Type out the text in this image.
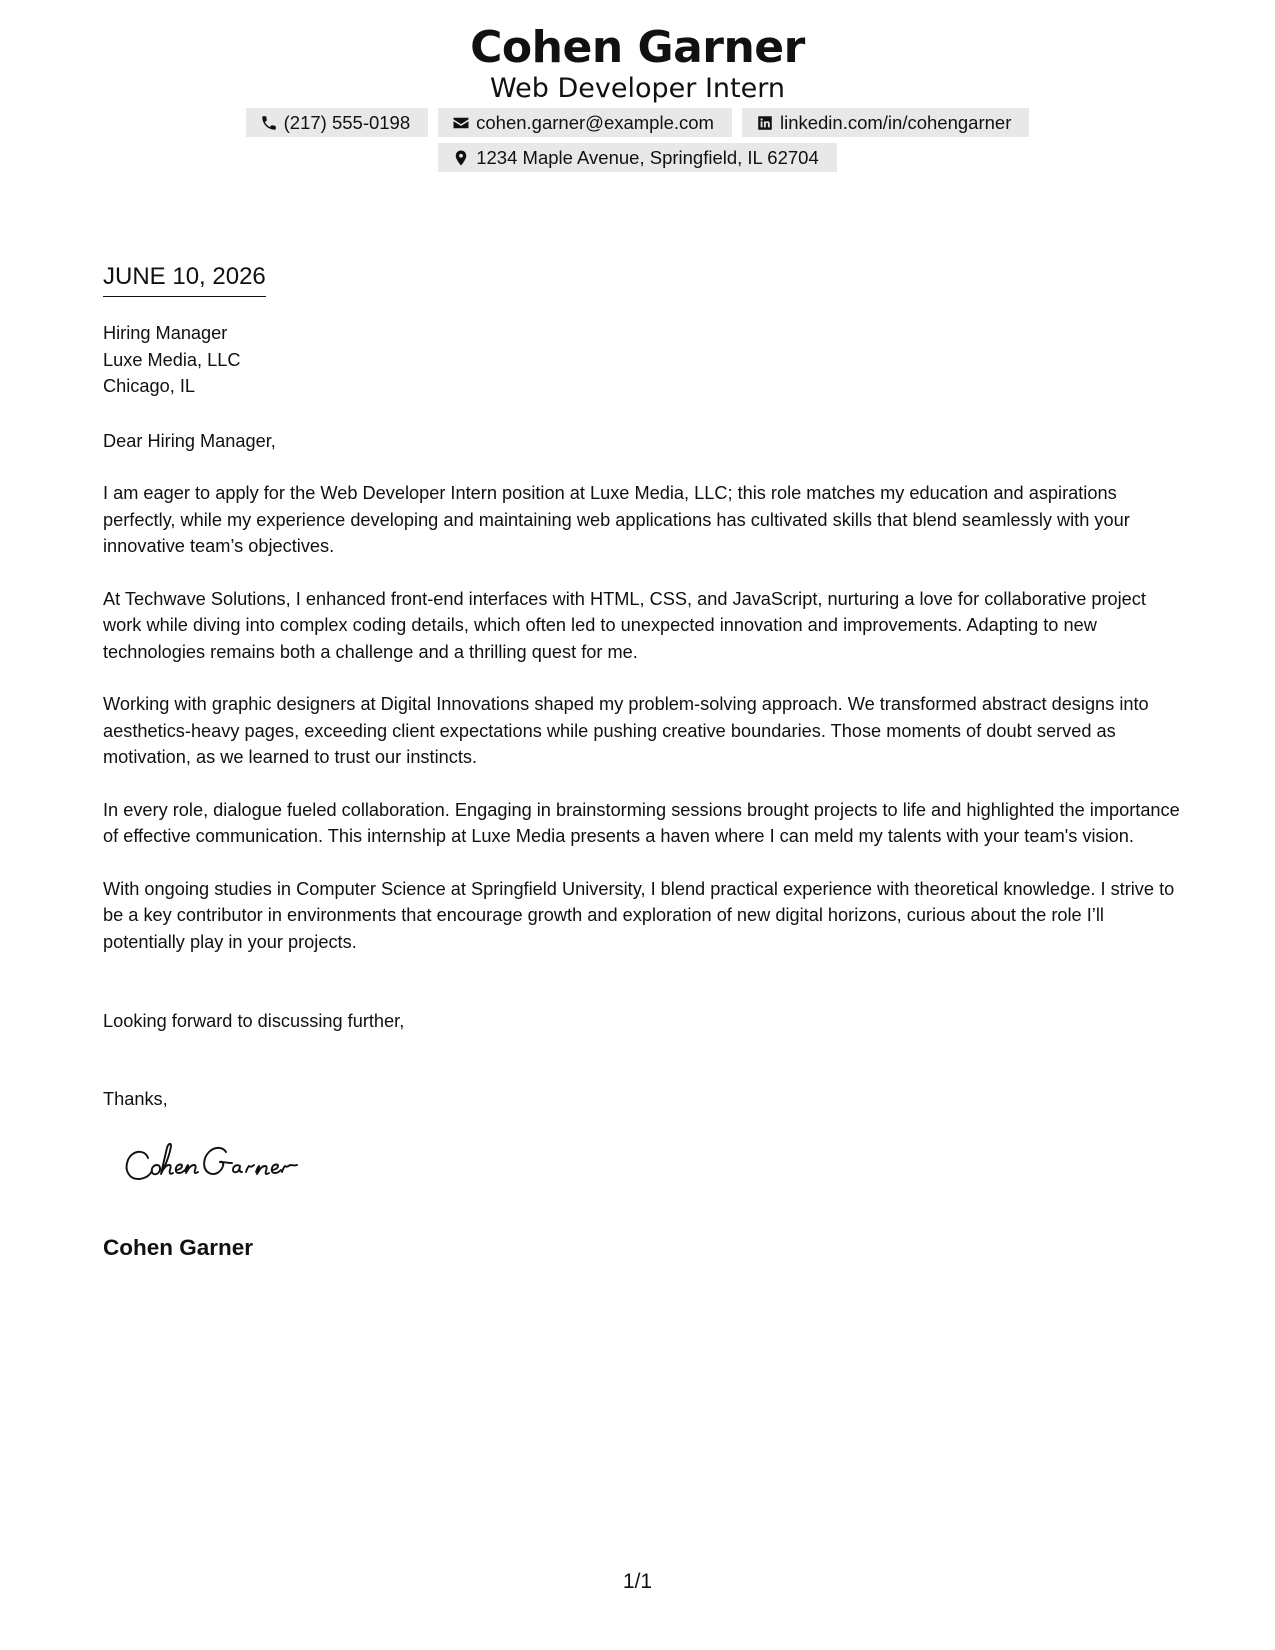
Cohen Garner
Web Developer Intern
(217) 555-0198	cohen.garner@example.com	linkedin.com/in/cohengarner
1234 Maple Avenue, Springfield, IL 62704
JUNE 10, 2026
Hiring Manager
Luxe Media, LLC
Chicago, IL
Dear Hiring Manager,

I am eager to apply for the Web Developer Intern position at Luxe Media, LLC; this role matches my education and aspirations perfectly, while my experience developing and maintaining web applications has cultivated skills that blend seamlessly with your innovative team’s objectives.

At Techwave Solutions, I enhanced front-end interfaces with HTML, CSS, and JavaScript, nurturing a love for collaborative project work while diving into complex coding details, which often led to unexpected innovation and improvements. Adapting to new technologies remains both a challenge and a thrilling quest for me.

Working with graphic designers at Digital Innovations shaped my problem-solving approach. We transformed abstract designs into aesthetics-heavy pages, exceeding client expectations while pushing creative boundaries. Those moments of doubt served as motivation, as we learned to trust our instincts.

In every role, dialogue fueled collaboration. Engaging in brainstorming sessions brought projects to life and highlighted the importance of effective communication. This internship at Luxe Media presents a haven where I can meld my talents with your team's vision.

With ongoing studies in Computer Science at Springfield University, I blend practical experience with theoretical knowledge. I strive to be a key contributor in environments that encourage growth and exploration of new digital horizons, curious about the role I’ll potentially play in your projects.

Looking forward to discussing further,
Thanks,
Cohen Garner
1/1
